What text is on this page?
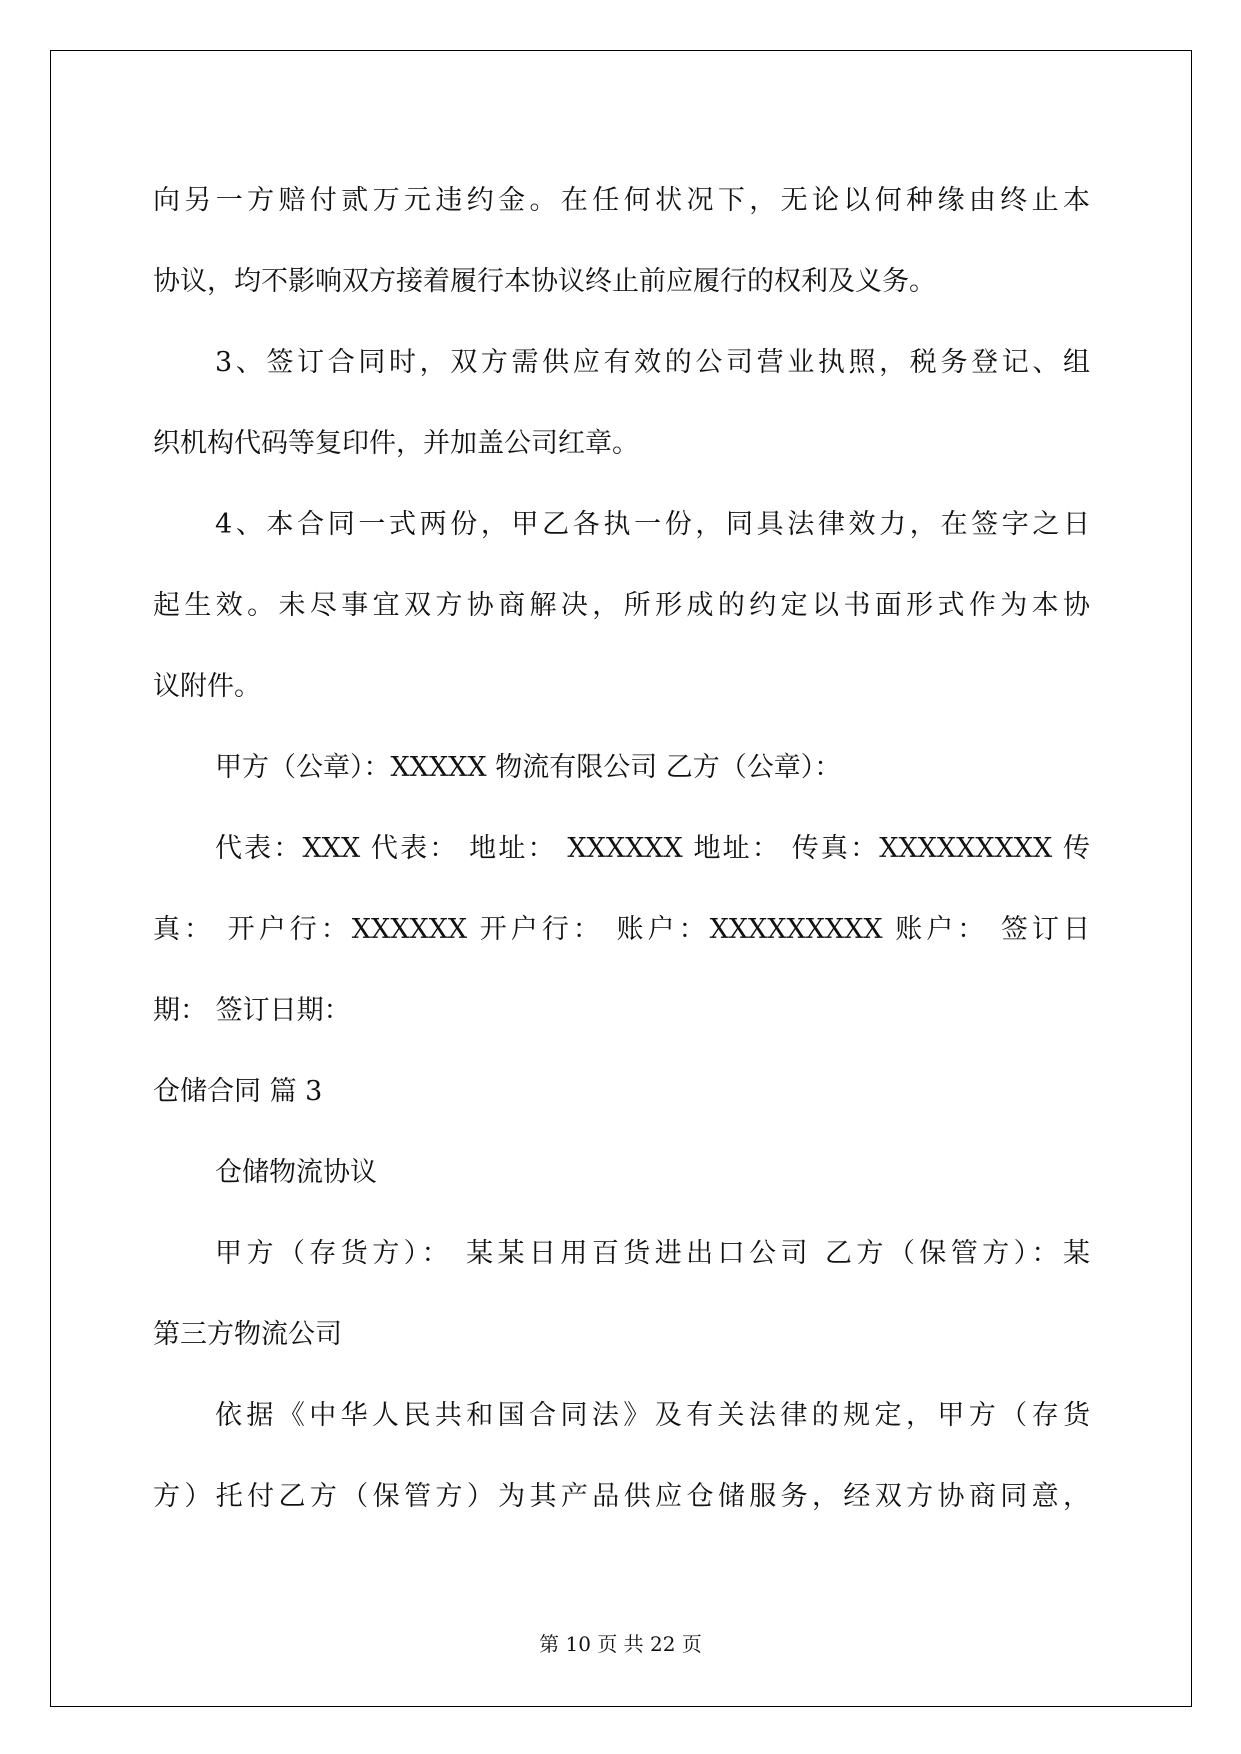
向另一方赔付贰万元违约金。在任何状况下，无论以何种缘由终止本
协议，均不影响双方接着履行本协议终止前应履行的权利及义务。
3、签订合同时，双方需供应有效的公司营业执照，税务登记、组
织机构代码等复印件，并加盖公司红章。
4、本合同一式两份，甲乙各执一份，同具法律效力，在签字之日
起生效。未尽事宜双方协商解决，所形成的约定以书面形式作为本协
议附件。
甲方（公章）：XXXXX 物流有限公司 乙方（公章）：
代表：XXX 代表： 地址： XXXXXX 地址： 传真：XXXXXXXXX 传
真： 开户行：XXXXXX 开户行： 账户：XXXXXXXXX 账户： 签订日
期： 签订日期：
仓储合同 篇 3
仓储物流协议
甲方（存货方）： 某某日用百货进出口公司 乙方（保管方）：某
第三方物流公司
依据《中华人民共和国合同法》及有关法律的规定，甲方（存货
方）托付乙方（保管方）为其产品供应仓储服务，经双方协商同意，
第 10 页 共 22 页
